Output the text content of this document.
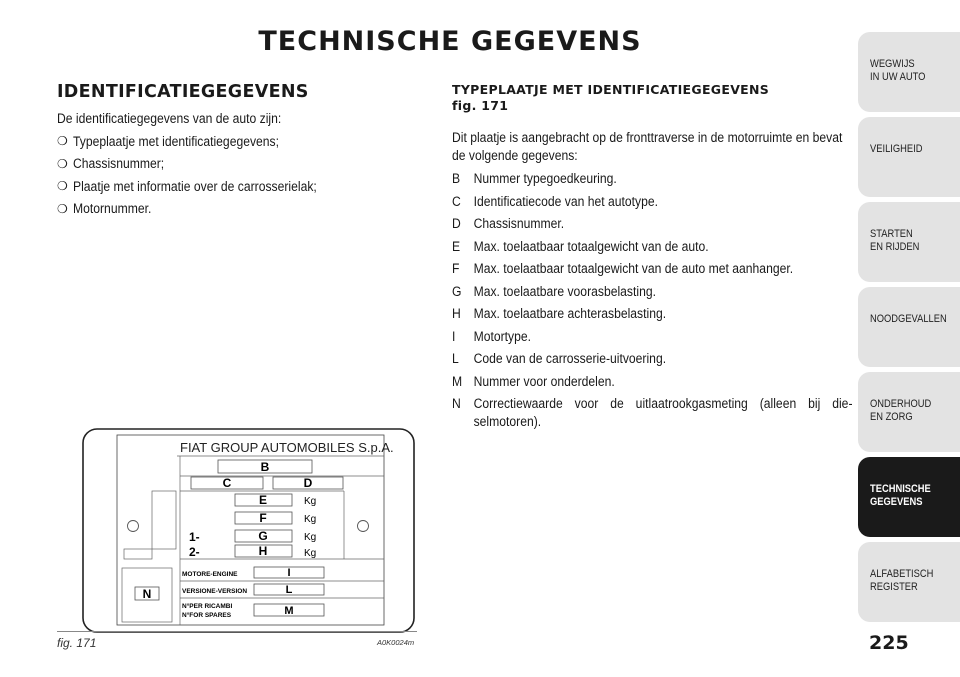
TECHNISCHE GEGEVENS
IDENTIFICATIEGEGEVENS
De identificatiegegevens van de auto zijn:
❍ Typeplaatje met identificatiegegevens;
❍ Chassisnummer;
❍ Plaatje met informatie over de carrosserielak;
❍ Motornummer.
TYPEPLAATJE MET IDENTIFICATIEGEGEVENS
fig. 171
Dit plaatje is aangebracht op de fronttraverse in de motorruimte en bevat de volgende gegevens:
B Nummer typegoedkeuring.
C Identificatiecode van het autotype.
D Chassisnummer.
E Max. toelaatbaar totaalgewicht van de auto.
F	Max. toelaatbaar totaalgewicht van de auto met aanhanger.
G Max. toelaatbare voorasbelasting.
H Max. toelaatbare achterasbelasting.
I	Motortype.
L	Code van de carrosserie-uitvoering.
M Nummer voor onderdelen.
N Correctiewaarde voor de uitlaatrookgasmeting (alleen bij die-selmotoren).
FIAT GROUP AUTOMOBILES S.p.A.
B
C	D
E	Kg
F	Kg
1-	G	Kg
2-	H	Kg
N
MOTORE-ENGINE	I
VERSIONE-VERSION	L
N°PER RICAMBI
N°FOR SPARES	M
fig. 171	A0K0024m	225
WEGWIJS
IN UW AUTO
VEILIGHEID
STARTEN
EN RIJDEN
NOODGEVALLEN
ONDERHOUD
EN ZORG
TECHNISCHE
GEGEVENS
ALFABETISCH
REGISTER
